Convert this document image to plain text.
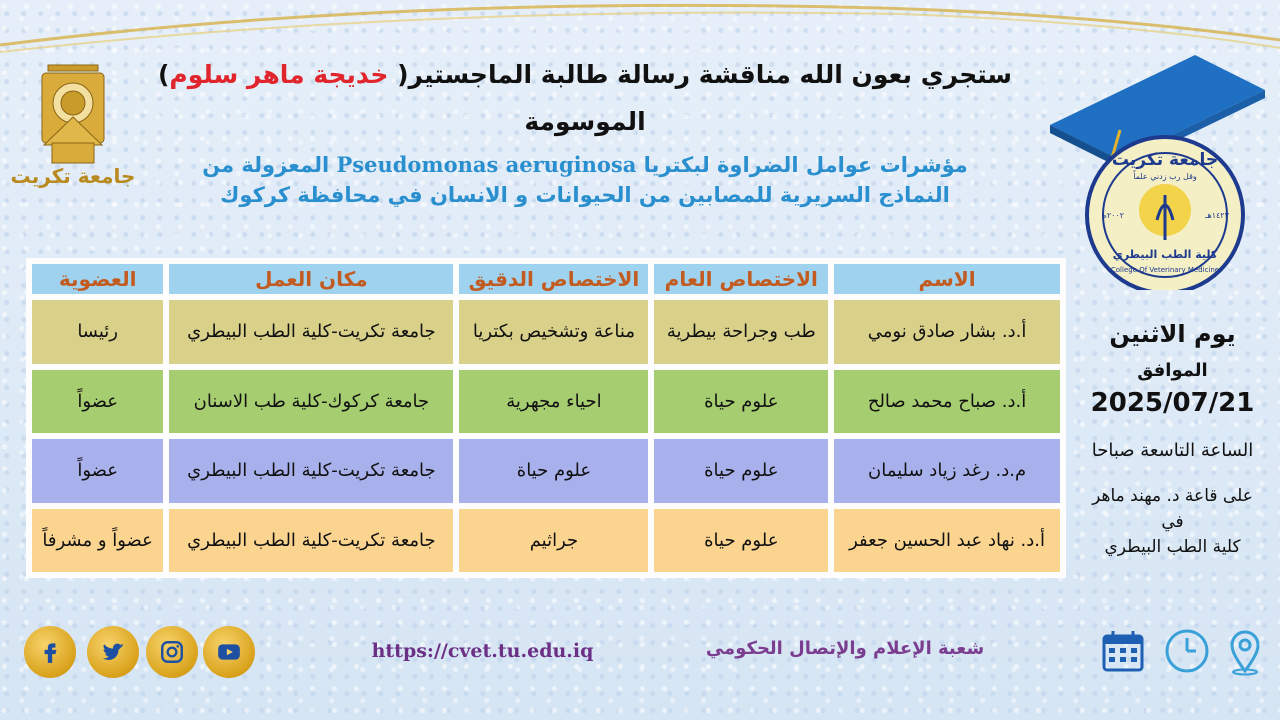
جامعة تكريت
جامعة تكريت
وقل رب زدني علماً
٢٠٠٢م	١٤٢٣هـ
كلية الطب البيطري
College Of Veterinary Medicine
ستجري بعون الله مناقشة رسالة طالبة الماجستير( خديجة ماهر سلوم)
الموسومة
مؤشرات عوامل الضراوة لبكتريا Pseudomonas aeruginosa المعزولة من
النماذج السريرية للمصابين من الحيوانات و الانسان في محافظة كركوك
الاسم	الاختصاص العام	الاختصاص الدقيق	مكان العمل	العضوية
أ.د. بشار صادق نومي	طب وجراحة بيطرية	مناعة وتشخيص بكتريا	جامعة تكريت-كلية الطب البيطري	رئيسا
أ.د. صباح محمد صالح	علوم حياة	احياء مجهرية	جامعة كركوك-كلية طب الاسنان	عضواً
م.د. رغد زياد سليمان	علوم حياة	علوم حياة	جامعة تكريت-كلية الطب البيطري	عضواً
أ.د. نهاد عبد الحسين جعفر	علوم حياة	جراثيم	جامعة تكريت-كلية الطب البيطري	عضواً و مشرفاً
يوم الاثنين
الموافق
2025/07/21
الساعة التاسعة صباحا
على قاعة د. مهند ماهر
في
كلية الطب البيطري
شعبة الإعلام والإتصال الحكومي
https://cvet.tu.edu.iq
